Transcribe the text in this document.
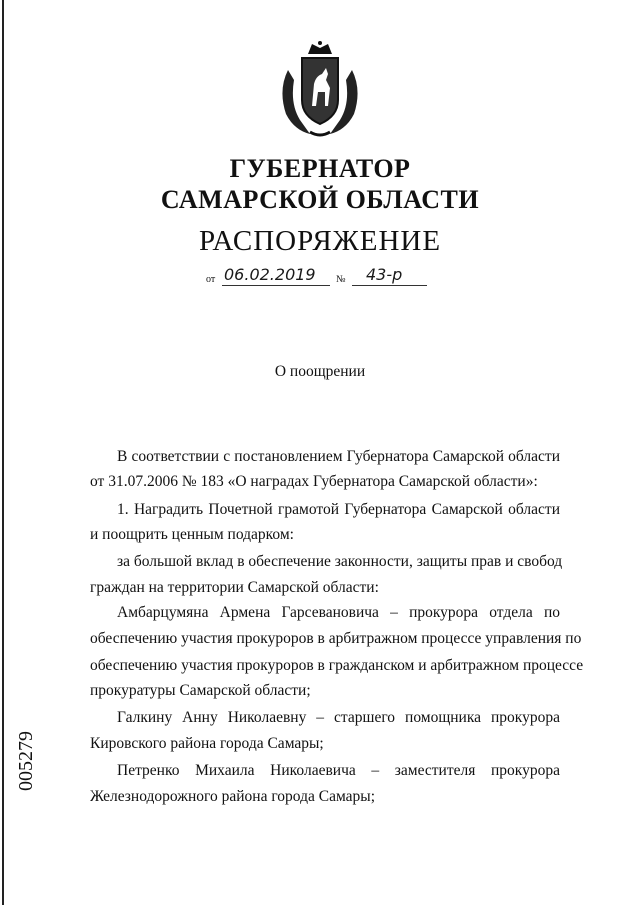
005279
ГУБЕРНАТОР
САМАРСКОЙ ОБЛАСТИ
РАСПОРЯЖЕНИЕ
от 06.02.2019 № 43-р
О поощрении
В соответствии с постановлением Губернатора Самарской области
от 31.07.2006 № 183 «О наградах Губернатора Самарской области»:
1. Наградить Почетной грамотой Губернатора Самарской области
и поощрить ценным подарком:
за большой вклад в обеспечение законности, защиты прав и свобод
граждан на территории Самарской области:
Амбарцумяна Армена Гарсевановича – прокурора отдела по
обеспечению участия прокуроров в арбитражном процессе управления по
обеспечению участия прокуроров в гражданском и арбитражном процессе
прокуратуры Самарской области;
Галкину Анну Николаевну – старшего помощника прокурора
Кировского района города Самары;
Петренко Михаила Николаевича – заместителя прокурора
Железнодорожного района города Самары;
